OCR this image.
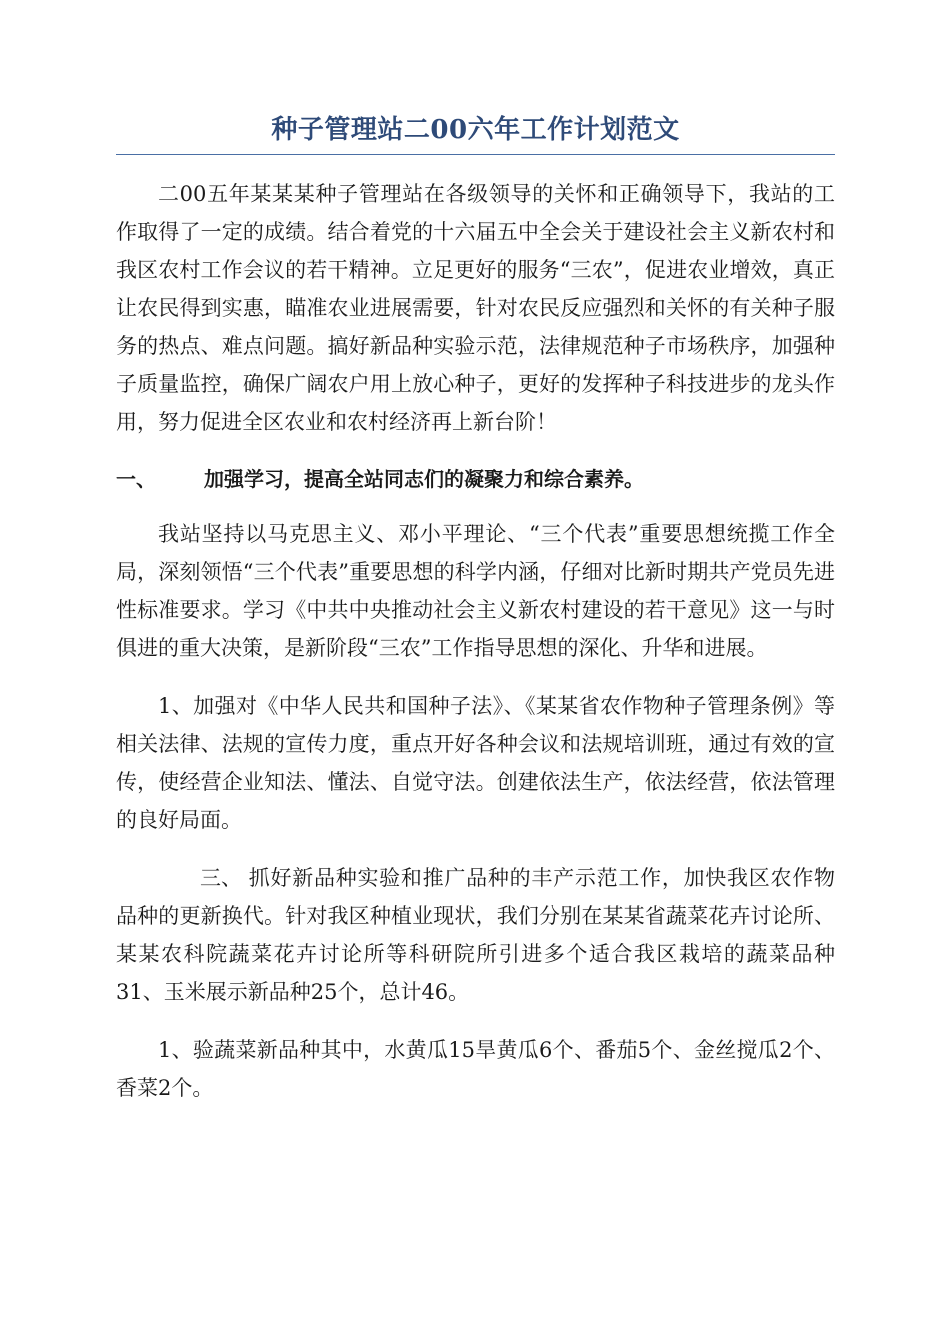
种子管理站二00六年工作计划范文

二00五年某某某种子管理站在各级领导的关怀和正确领导下，我站的工作取得了一定的成绩。结合着党的十六届五中全会关于建设社会主义新农村和我区农村工作会议的若干精神。立足更好的服务“三农”，促进农业增效，真正让农民得到实惠，瞄准农业进展需要，针对农民反应强烈和关怀的有关种子服务的热点、难点问题。搞好新品种实验示范，法律规范种子市场秩序，加强种子质量监控，确保广阔农户用上放心种子，更好的发挥种子科技进步的龙头作用，努力促进全区农业和农村经济再上新台阶！

一、	加强学习，提高全站同志们的凝聚力和综合素养。

我站坚持以马克思主义、邓小平理论、“三个代表”重要思想统揽工作全局，深刻领悟“三个代表”重要思想的科学内涵，仔细对比新时期共产党员先进性标准要求。学习《中共中央推动社会主义新农村建设的若干意见》这一与时俱进的重大决策，是新阶段“三农”工作指导思想的深化、升华和进展。

1、加强对《中华人民共和国种子法》、《某某省农作物种子管理条例》等相关法律、法规的宣传力度，重点开好各种会议和法规培训班，通过有效的宣传，使经营企业知法、懂法、自觉守法。创建依法生产，依法经营，依法管理的良好局面。

三、 抓好新品种实验和推广品种的丰产示范工作，加快我区农作物品种的更新换代。针对我区种植业现状，我们分别在某某省蔬菜花卉讨论所、某某农科院蔬菜花卉讨论所等科研院所引进多个适合我区栽培的蔬菜品种31、玉米展示新品种25个，总计46。

1、验蔬菜新品种其中，水黄瓜15旱黄瓜6个、番茄5个、金丝搅瓜2个、香菜2个。
